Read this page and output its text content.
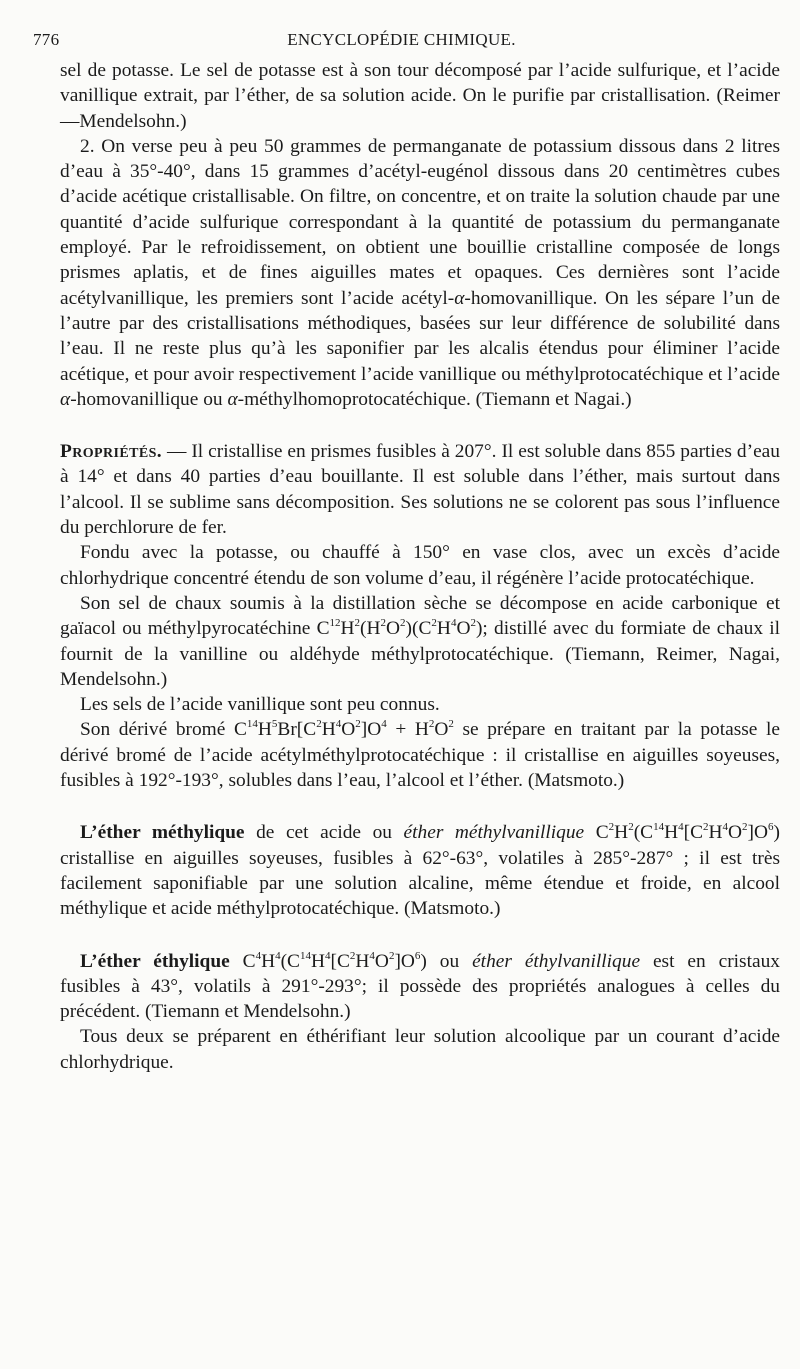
776	ENCYCLOPÉDIE CHIMIQUE.

sel de potasse. Le sel de potasse est à son tour décomposé par l’acide sulfurique, et l’acide vanillique extrait, par l’éther, de sa solution acide. On le purifie par cristallisation. (Reimer—Mendelsohn.)

2. On verse peu à peu 50 grammes de permanganate de potassium dissous dans 2 litres d’eau à 35°-40°, dans 15 grammes d’acétyl-eugénol dissous dans 20 centimètres cubes d’acide acétique cristallisable. On filtre, on concentre, et on traite la solution chaude par une quantité d’acide sulfurique correspondant à la quantité de potassium du permanganate employé. Par le refroidissement, on obtient une bouillie cristalline composée de longs prismes aplatis, et de fines aiguilles mates et opaques. Ces dernières sont l’acide acétylvanillique, les premiers sont l’acide acétyl-α-homovanillique. On les sépare l’un de l’autre par des cristallisations méthodiques, basées sur leur différence de solubilité dans l’eau. Il ne reste plus qu’à les saponifier par les alcalis étendus pour éliminer l’acide acétique, et pour avoir respectivement l’acide vanillique ou méthylprotocatéchique et l’acide α-homovanillique ou α-méthylhomoprotocatéchique. (Tiemann et Nagai.)

Propriétés. — Il cristallise en prismes fusibles à 207°. Il est soluble dans 855 parties d’eau à 14° et dans 40 parties d’eau bouillante. Il est soluble dans l’éther, mais surtout dans l’alcool. Il se sublime sans décomposition. Ses solutions ne se colorent pas sous l’influence du perchlorure de fer.

Fondu avec la potasse, ou chauffé à 150° en vase clos, avec un excès d’acide chlorhydrique concentré étendu de son volume d’eau, il régénère l’acide protocatéchique.

Son sel de chaux soumis à la distillation sèche se décompose en acide carbonique et gaïacol ou méthylpyrocatéchine $C^{12}H^2(H^2O^2)(C^2H^4O^2)$; distillé avec du formiate de chaux il fournit de la vanilline ou aldéhyde méthylprotocatéchique. (Tiemann, Reimer, Nagai, Mendelsohn.)

Les sels de l’acide vanillique sont peu connus.

Son dérivé bromé $C^{14}H^5Br[C^2H^4O^2]O^4 + H^2O^2$ se prépare en traitant par la potasse le dérivé bromé de l’acide acétylméthylprotocatéchique : il cristallise en aiguilles soyeuses, fusibles à 192°-193°, solubles dans l’eau, l’alcool et l’éther. (Matsmoto.)

L’éther méthylique de cet acide ou éther méthylvanillique $C^2H^2(C^{14}H^4[C^2H^4O^2]O^6)$ cristallise en aiguilles soyeuses, fusibles à 62°-63°, volatiles à 285°-287° ; il est très facilement saponifiable par une solution alcaline, même étendue et froide, en alcool méthylique et acide méthylprotocatéchique. (Matsmoto.)

L’éther éthylique $C^4H^4(C^{14}H^4[C^2H^4O^2]O^6)$ ou éther éthylvanillique est en cristaux fusibles à 43°, volatils à 291°-293°; il possède des propriétés analogues à celles du précédent. (Tiemann et Mendelsohn.)

Tous deux se préparent en éthérifiant leur solution alcoolique par un courant d’acide chlorhydrique.
